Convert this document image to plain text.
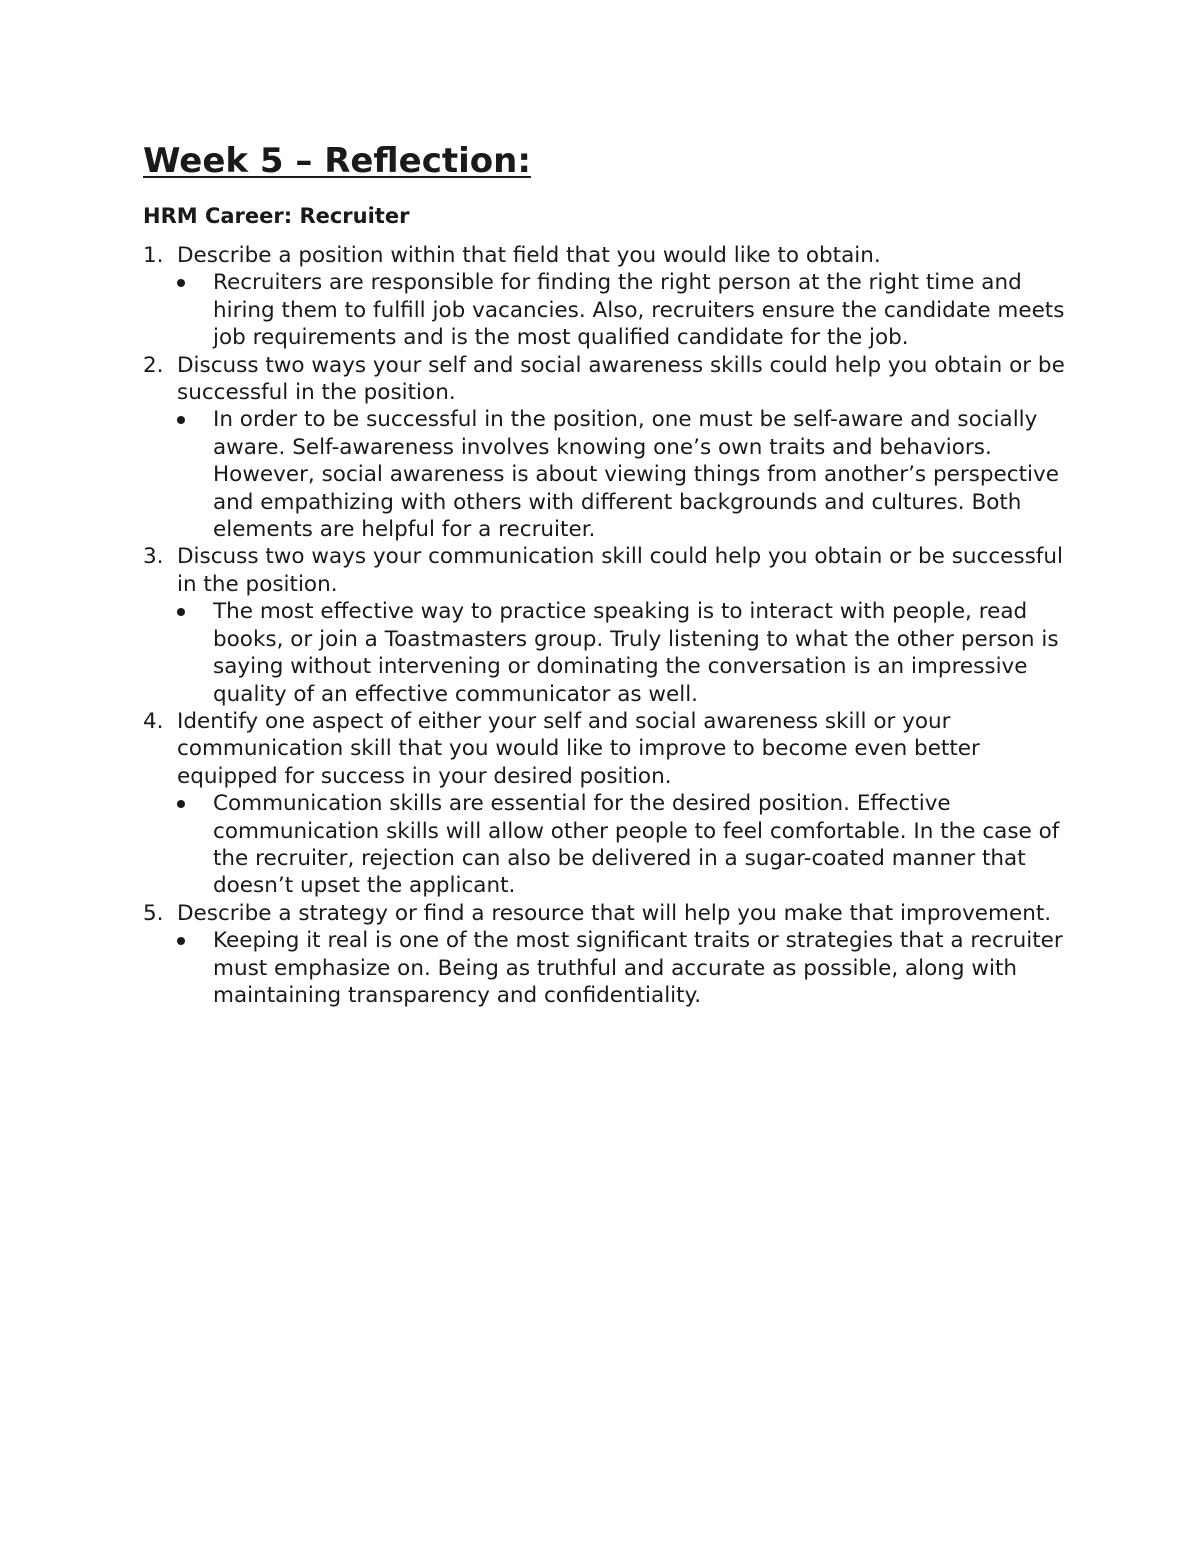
Week 5 – Reflection:
HRM Career: Recruiter
1. Describe a position within that field that you would like to obtain.
Recruiters are responsible for finding the right person at the right time and hiring them to fulfill job vacancies. Also, recruiters ensure the candidate meets job requirements and is the most qualified candidate for the job.
2. Discuss two ways your self and social awareness skills could help you obtain or be successful in the position.
In order to be successful in the position, one must be self-aware and socially aware. Self-awareness involves knowing one’s own traits and behaviors. However, social awareness is about viewing things from another’s perspective and empathizing with others with different backgrounds and cultures. Both elements are helpful for a recruiter.
3. Discuss two ways your communication skill could help you obtain or be successful in the position.
The most effective way to practice speaking is to interact with people, read books, or join a Toastmasters group. Truly listening to what the other person is saying without intervening or dominating the conversation is an impressive quality of an effective communicator as well.
4. Identify one aspect of either your self and social awareness skill or your communication skill that you would like to improve to become even better equipped for success in your desired position.
Communication skills are essential for the desired position. Effective communication skills will allow other people to feel comfortable. In the case of the recruiter, rejection can also be delivered in a sugar-coated manner that doesn’t upset the applicant.
5. Describe a strategy or find a resource that will help you make that improvement.
Keeping it real is one of the most significant traits or strategies that a recruiter must emphasize on. Being as truthful and accurate as possible, along with maintaining transparency and confidentiality.
